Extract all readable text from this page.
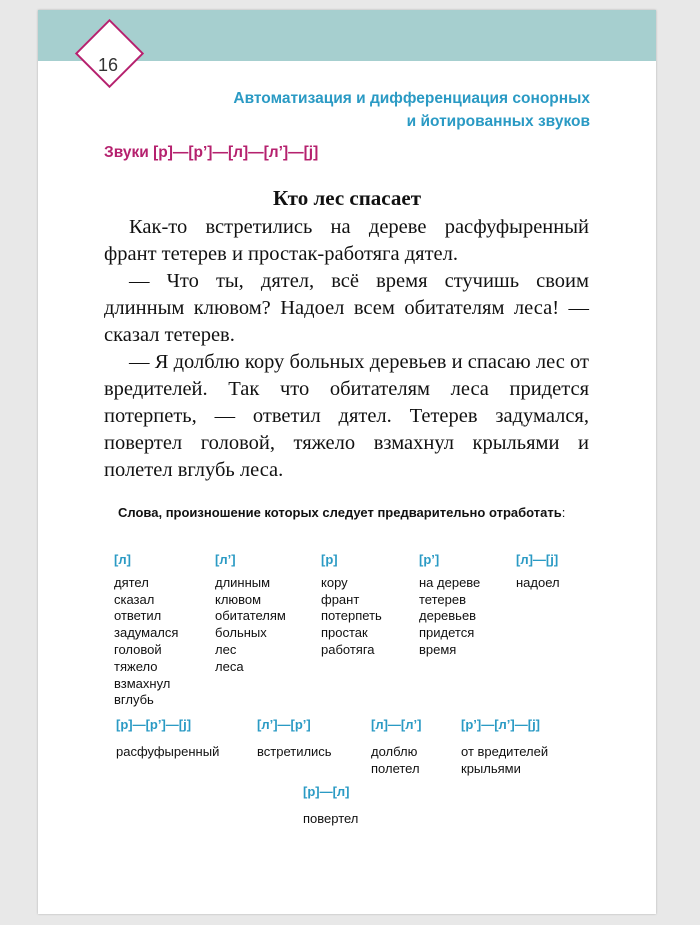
16
Автоматизация и дифференциация сонорных
и йотированных звуков
Звуки [р]—[р’]—[л]—[л’]—[j]
Кто лес спасает

Как-то встретились на дереве расфуфыренный франт тетерев и простак-работяга дятел.

— Что ты, дятел, всё время стучишь своим длинным клювом? Надоел всем обитателям леса! — сказал тетерев.

— Я долблю кору больных деревьев и спасаю лес от вредителей. Так что обитателям леса придется потерпеть, — ответил дятел. Тетерев задумался, повертел головой, тяжело взмахнул крыльями и полетел вглубь леса.

Слова, произношение которых следует предварительно отработать:
[л]
дятел
сказал
ответил
задумался
головой
тяжело
взмахнул
вглубь
[л’]
длинным
клювом
обитателям
больных
лес
леса
[р]
кору
франт
потерпеть
простак
работяга
[р’]
на дереве
тетерев
деревьев
придется
время
[л]—[j]
надоел
[р]—[р’]—[j]
расфуфыренный
[л’]—[р’]
встретились
[л]—[л’]
долблю
полетел
[р’]—[л’]—[j]
от вредителей
крыльями
[р]—[л]
повертел
